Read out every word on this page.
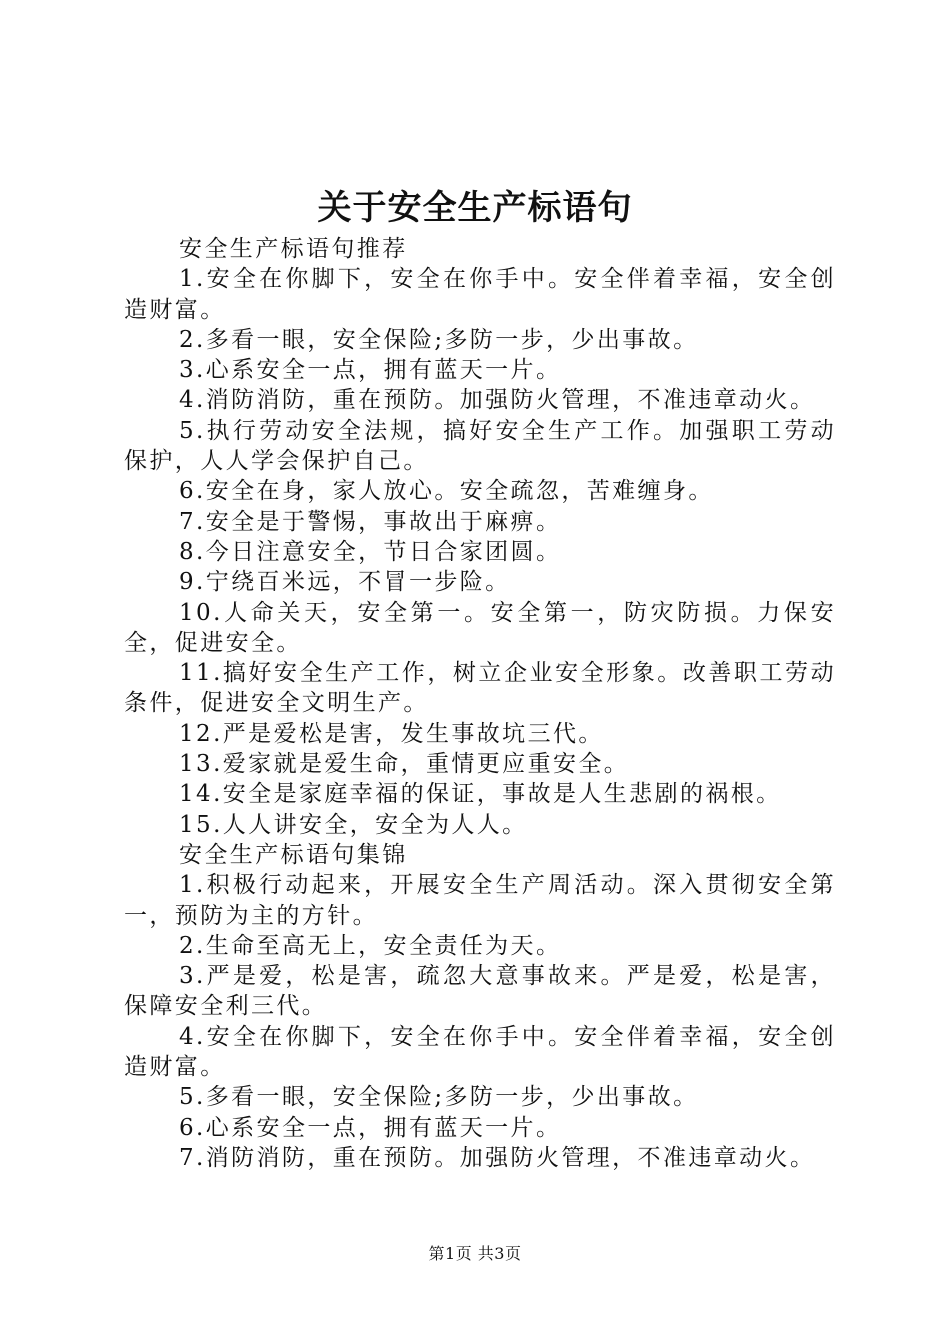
关于安全生产标语句

安全生产标语句推荐

1.安全在你脚下，安全在你手中。安全伴着幸福，安全创造财富。

2.多看一眼，安全保险;多防一步，少出事故。

3.心系安全一点，拥有蓝天一片。

4.消防消防，重在预防。加强防火管理，不准违章动火。

5.执行劳动安全法规，搞好安全生产工作。加强职工劳动保护，人人学会保护自己。

6.安全在身，家人放心。安全疏忽，苦难缠身。

7.安全是于警惕，事故出于麻痹。

8.今日注意安全，节日合家团圆。

9.宁绕百米远，不冒一步险。

10.人命关天，安全第一。安全第一，防灾防损。力保安全，促进安全。

11.搞好安全生产工作，树立企业安全形象。改善职工劳动条件，促进安全文明生产。

12.严是爱松是害，发生事故坑三代。

13.爱家就是爱生命，重情更应重安全。

14.安全是家庭幸福的保证，事故是人生悲剧的祸根。

15.人人讲安全，安全为人人。

安全生产标语句集锦

1.积极行动起来，开展安全生产周活动。深入贯彻安全第一，预防为主的方针。

2.生命至高无上，安全责任为天。

3.严是爱，松是害，疏忽大意事故来。严是爱，松是害，保障安全利三代。

4.安全在你脚下，安全在你手中。安全伴着幸福，安全创造财富。

5.多看一眼，安全保险;多防一步，少出事故。

6.心系安全一点，拥有蓝天一片。

7.消防消防，重在预防。加强防火管理，不准违章动火。

第1页 共3页
